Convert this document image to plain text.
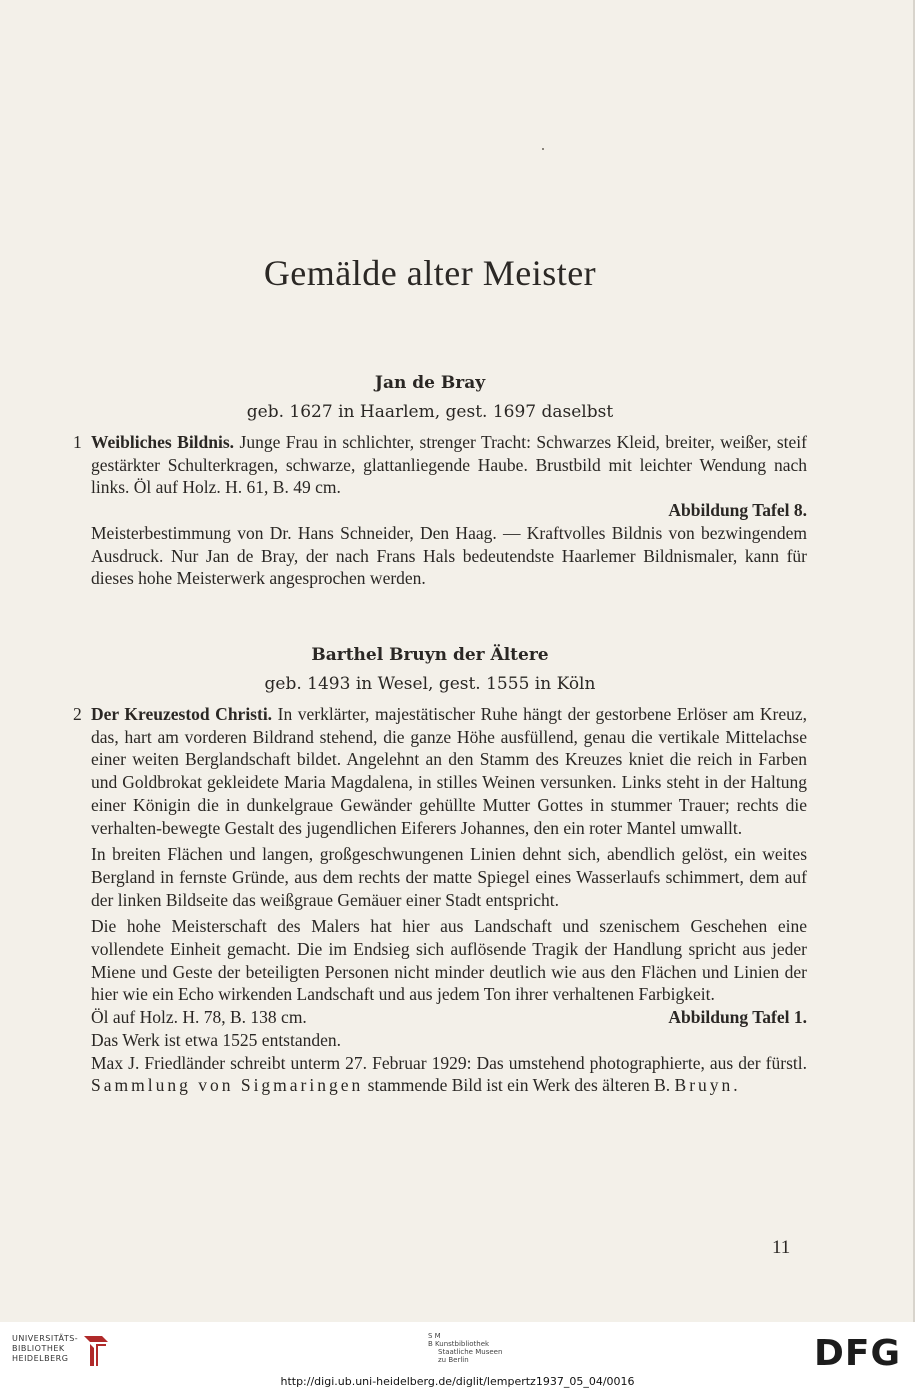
Gemälde alter Meister
Jan de Bray
geb. 1627 in Haarlem, gest. 1697 daselbst
1 Weibliches Bildnis. Junge Frau in schlichter, strenger Tracht: Schwarzes Kleid, breiter, weißer, steif gestärkter Schulterkragen, schwarze, glattanliegende Haube. Brustbild mit leichter Wendung nach links. Öl auf Holz. H. 61, B. 49 cm.

Abbildung Tafel 8.

Meisterbestimmung von Dr. Hans Schneider, Den Haag. — Kraftvolles Bildnis von bezwingendem Ausdruck. Nur Jan de Bray, der nach Frans Hals bedeutendste Haarlemer Bildnismaler, kann für dieses hohe Meisterwerk angesprochen werden.

Barthel Bruyn der Ältere
geb. 1493 in Wesel, gest. 1555 in Köln
2 Der Kreuzestod Christi. In verklärter, majestätischer Ruhe hängt der gestorbene Erlöser am Kreuz, das, hart am vorderen Bildrand stehend, die ganze Höhe ausfüllend, genau die vertikale Mittelachse einer weiten Berglandschaft bildet. Angelehnt an den Stamm des Kreuzes kniet die reich in Farben und Goldbrokat gekleidete Maria Magdalena, in stilles Weinen versunken. Links steht in der Haltung einer Königin die in dunkelgraue Gewänder gehüllte Mutter Gottes in stummer Trauer; rechts die verhalten-bewegte Gestalt des jugendlichen Eiferers Johannes, den ein roter Mantel umwallt.

In breiten Flächen und langen, großgeschwungenen Linien dehnt sich, abendlich gelöst, ein weites Bergland in fernste Gründe, aus dem rechts der matte Spiegel eines Wasserlaufs schimmert, dem auf der linken Bildseite das weißgraue Gemäuer einer Stadt entspricht.

Die hohe Meisterschaft des Malers hat hier aus Landschaft und szenischem Geschehen eine vollendete Einheit gemacht. Die im Endsieg sich auflösende Tragik der Handlung spricht aus jeder Miene und Geste der beteiligten Personen nicht minder deutlich wie aus den Flächen und Linien der hier wie ein Echo wirkenden Landschaft und aus jedem Ton ihrer verhaltenen Farbigkeit.

Öl auf Holz. H. 78, B. 138 cm.	Abbildung Tafel 1.

Das Werk ist etwa 1525 entstanden.

Max J. Friedländer schreibt unterm 27. Februar 1929: Das umstehend photographierte, aus der fürstl. Sammlung von Sigmaringen stammende Bild ist ein Werk des älteren B. Bruyn.

11
UNIVERSITÄTS-
BIBLIOTHEK
HEIDELBERG
S M
B Kunstbibliothek
Staatliche Museen
zu Berlin	DFG
http://digi.ub.uni-heidelberg.de/diglit/lempertz1937_05_04/0016
